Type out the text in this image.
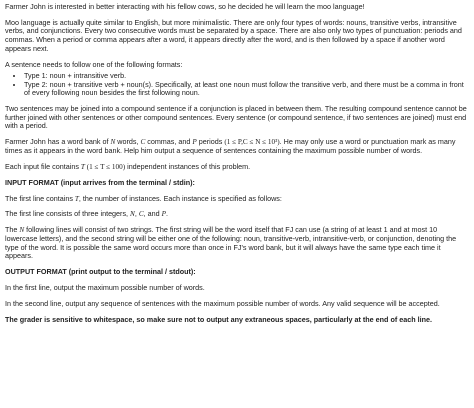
Farmer John is interested in better interacting with his fellow cows, so he decided he will learn the moo language!

Moo language is actually quite similar to English, but more minimalistic. There are only four types of words: nouns, transitive verbs, intransitive verbs, and conjunctions. Every two consecutive words must be separated by a space. There are also only two types of punctuation: periods and commas. When a period or comma appears after a word, it appears directly after the word, and is then followed by a space if another word appears next.

A sentence needs to follow one of the following formats:

• Type 1: noun + intransitive verb.
• Type 2: noun + transitive verb + noun(s). Specifically, at least one noun must follow the transitive verb, and there must be a comma in front of every following noun besides the first following noun.

Two sentences may be joined into a compound sentence if a conjunction is placed in between them. The resulting compound sentence cannot be further joined with other sentences or other compound sentences. Every sentence (or compound sentence, if two sentences are joined) must end with a period.

Farmer John has a word bank of N words, C commas, and P periods (1 ≤ P,C ≤ N ≤ 10³). He may only use a word or punctuation mark as many times as it appears in the word bank. Help him output a sequence of sentences containing the maximum possible number of words.

Each input file contains T (1 ≤ T ≤ 100) independent instances of this problem.

INPUT FORMAT (input arrives from the terminal / stdin):

The first line contains T, the number of instances. Each instance is specified as follows:

The first line consists of three integers, N, C, and P.

The N following lines will consist of two strings. The first string will be the word itself that FJ can use (a string of at least 1 and at most 10 lowercase letters), and the second string will be either one of the following: noun, transitive-verb, intransitive-verb, or conjunction, denoting the type of the word. It is possible the same word occurs more than once in FJ's word bank, but it will always have the same type each time it appears.

OUTPUT FORMAT (print output to the terminal / stdout):

In the first line, output the maximum possible number of words.

In the second line, output any sequence of sentences with the maximum possible number of words. Any valid sequence will be accepted.

The grader is sensitive to whitespace, so make sure not to output any extraneous spaces, particularly at the end of each line.
